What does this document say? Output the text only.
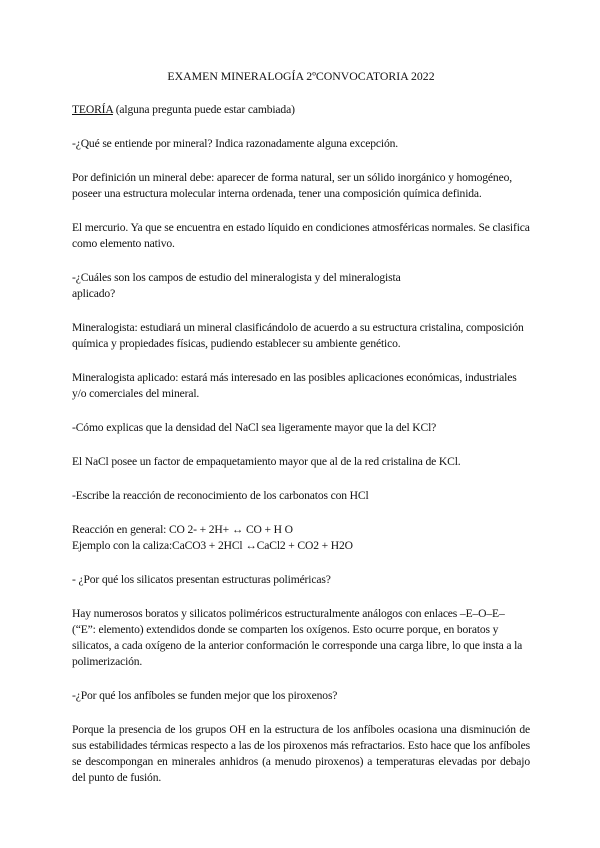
EXAMEN MINERALOGÍA 2ºCONVOCATORIA 2022
TEORÍA (alguna pregunta puede estar cambiada)

-¿Qué se entiende por mineral? Indica razonadamente alguna excepción.

Por definición un mineral debe: aparecer de forma natural, ser un sólido inorgánico y homogéneo, poseer una estructura molecular interna ordenada, tener una composición química definida.

El mercurio. Ya que se encuentra en estado líquido en condiciones atmosféricas normales. Se clasifica como elemento nativo.

-¿Cuáles son los campos de estudio del mineralogista y del mineralogista
aplicado?

Mineralogista: estudiará un mineral clasificándolo de acuerdo a su estructura cristalina, composición química y propiedades físicas, pudiendo establecer su ambiente genético.

Mineralogista aplicado: estará más interesado en las posibles aplicaciones económicas, industriales y/o comerciales del mineral.

-Cómo explicas que la densidad del NaCl sea ligeramente mayor que la del KCl?

El NaCl posee un factor de empaquetamiento mayor que al de la red cristalina de KCl.

-Escribe la reacción de reconocimiento de los carbonatos con HCl

Reacción en general: CO 2- + 2H+ ↔ CO + H O

Ejemplo con la caliza:CaCO3 + 2HCl ↔CaCl2 + CO2 + H2O

- ¿Por qué los silicatos presentan estructuras poliméricas?

Hay numerosos boratos y silicatos poliméricos estructuralmente análogos con enlaces –E–O–E– (“E”: elemento) extendidos donde se comparten los oxígenos. Esto ocurre porque, en boratos y silicatos, a cada oxígeno de la anterior conformación le corresponde una carga libre, lo que insta a la polimerización.

-¿Por qué los anfíboles se funden mejor que los piroxenos?

Porque la presencia de los grupos OH en la estructura de los anfíboles ocasiona una disminución de sus estabilidades térmicas respecto a las de los piroxenos más refractarios. Esto hace que los anfíboles se descompongan en minerales anhidros (a menudo piroxenos) a temperaturas elevadas por debajo del punto de fusión.
